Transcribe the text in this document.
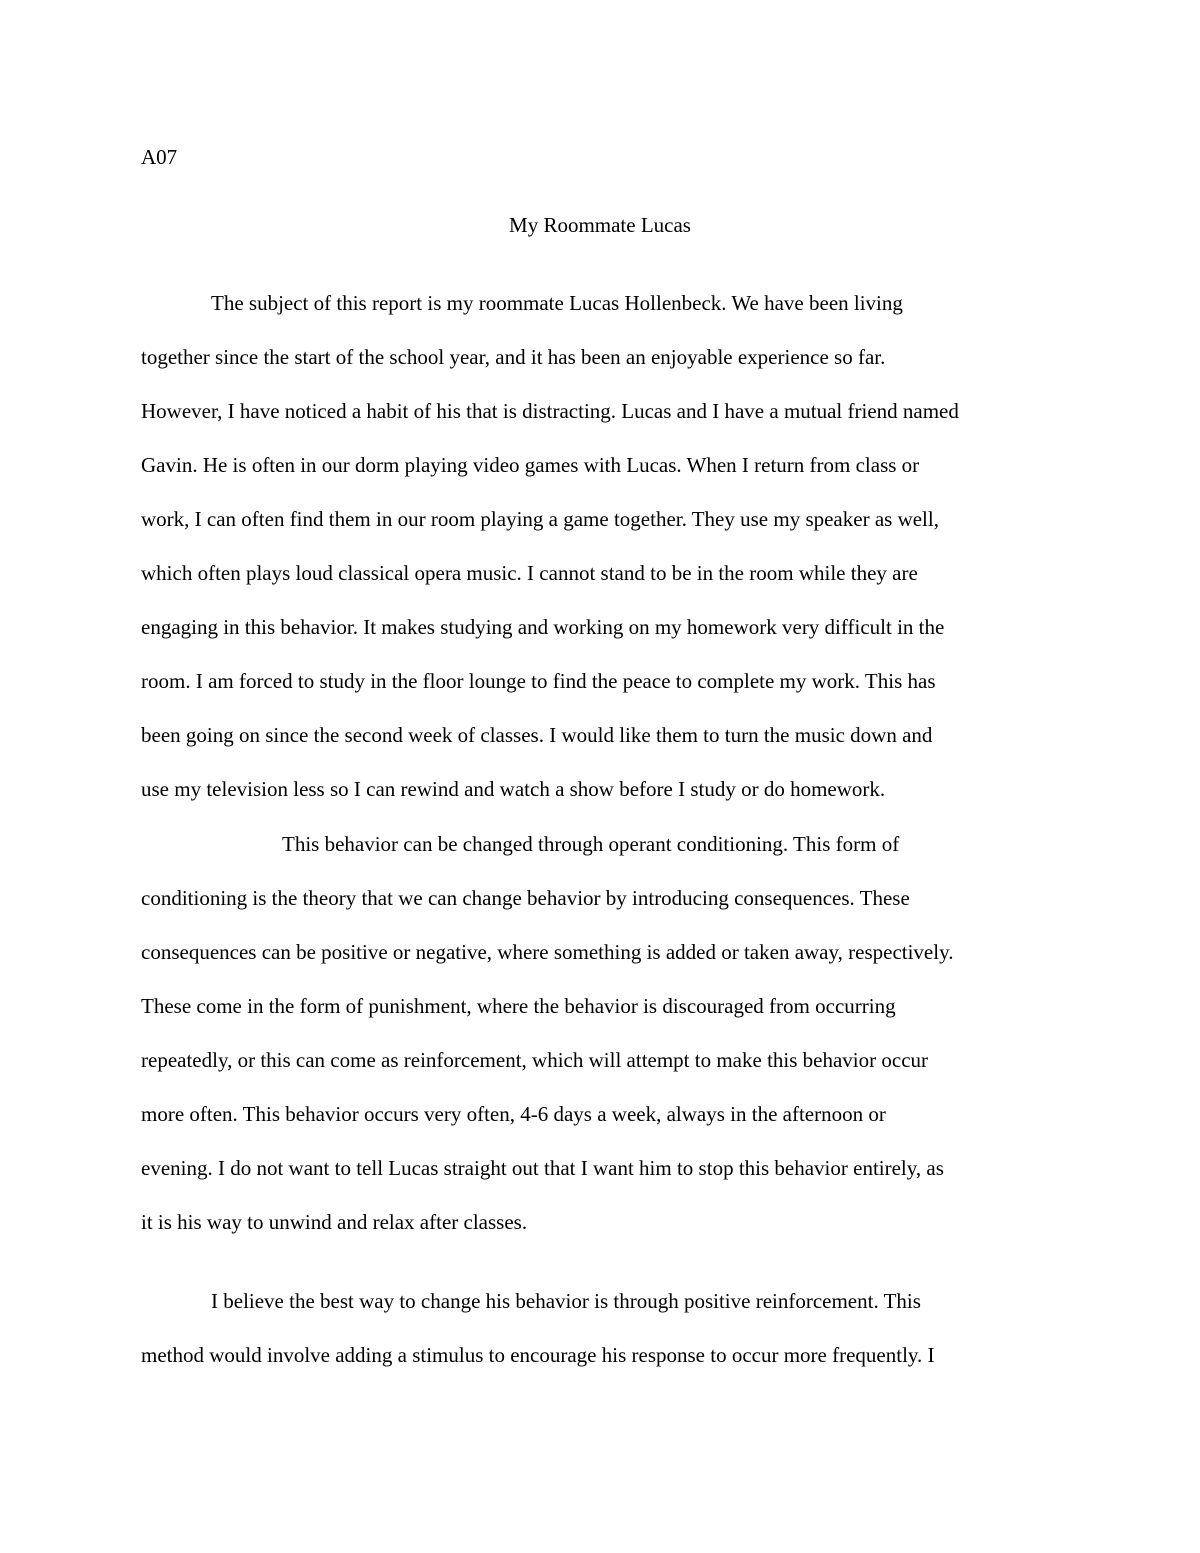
A07
My Roommate Lucas
The subject of this report is my roommate Lucas Hollenbeck. We have been living
together since the start of the school year, and it has been an enjoyable experience so far.
However, I have noticed a habit of his that is distracting. Lucas and I have a mutual friend named
Gavin. He is often in our dorm playing video games with Lucas. When I return from class or
work, I can often find them in our room playing a game together. They use my speaker as well,
which often plays loud classical opera music. I cannot stand to be in the room while they are
engaging in this behavior. It makes studying and working on my homework very difficult in the
room. I am forced to study in the floor lounge to find the peace to complete my work. This has
been going on since the second week of classes. I would like them to turn the music down and
use my television less so I can rewind and watch a show before I study or do homework.
This behavior can be changed through operant conditioning. This form of
conditioning is the theory that we can change behavior by introducing consequences. These
consequences can be positive or negative, where something is added or taken away, respectively.
These come in the form of punishment, where the behavior is discouraged from occurring
repeatedly, or this can come as reinforcement, which will attempt to make this behavior occur
more often. This behavior occurs very often, 4-6 days a week, always in the afternoon or
evening. I do not want to tell Lucas straight out that I want him to stop this behavior entirely, as
it is his way to unwind and relax after classes.
I believe the best way to change his behavior is through positive reinforcement. This
method would involve adding a stimulus to encourage his response to occur more frequently. I
